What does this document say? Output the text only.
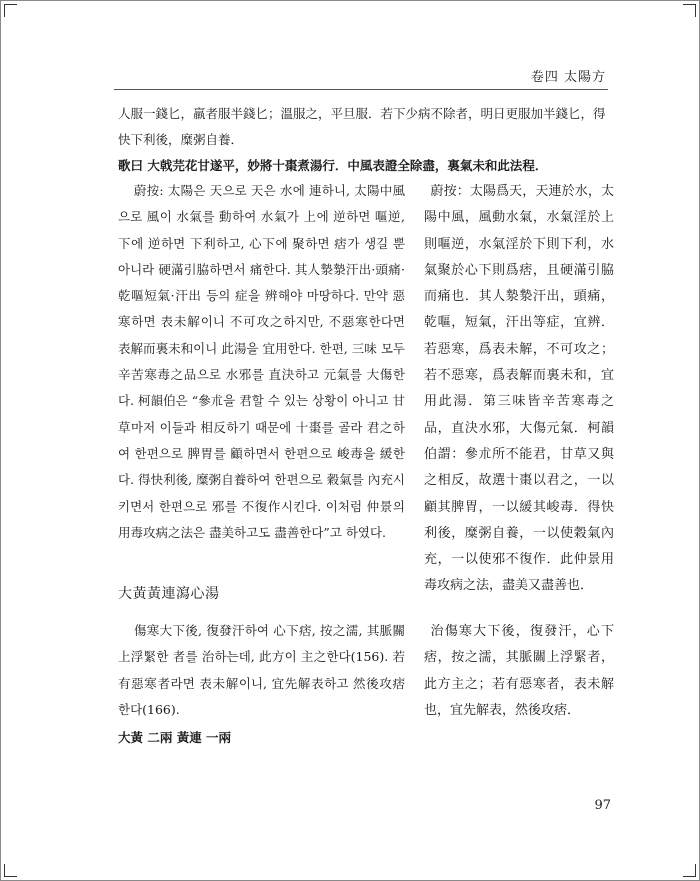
卷四 太陽方

人服一錢匕，羸者服半錢匕；溫服之，平旦服．若下少病不除者，明日更服加半錢匕，得快下利後，糜粥自養．

歌曰 大戟芫花甘遂平，妙將十棗煮湯行．中風表證全除盡，裏氣未和此法程．

蔚按: 太陽은 天으로 天은 水에 連하니, 太陽中風으로 風이 水氣를 動하여 水氣가 上에 逆하면 嘔逆, 下에 逆하면 下利하고, 心下에 聚하면 痞가 생길 뿐 아니라 硬滿引脇하면서 痛한다. 其人漐漐汗出·頭痛·乾嘔短氣·汗出 등의 症을 辨해야 마땅하다. 만약 惡寒하면 表未解이니 不可攻之하지만, 不惡寒한다면 表解而裏未和이니 此湯을 宜用한다. 한편, 三味 모두 辛苦寒毒之品으로 水邪를 直決하고 元氣를 大傷한다. 柯韻伯은 “參朮을 君할 수 있는 상황이 아니고 甘草마저 이들과 相反하기 때문에 十棗를 골라 君之하여 한편으로 脾胃를 顧하면서 한편으로 峻毒을 緩한다. 得快利後, 糜粥自養하여 한편으로 穀氣를 內充시키면서 한편으로 邪를 不復作시킨다. 이처럼 仲景의 用毒攻病之法은 盡美하고도 盡善한다”고 하였다.

蔚按：太陽爲天，天連於水，太陽中風，風動水氣，水氣淫於上則嘔逆，水氣淫於下則下利，水氣聚於心下則爲痞，且硬滿引脇而痛也．其人漐漐汗出，頭痛，乾嘔，短氣，汗出等症，宜辨．若惡寒，爲表未解，不可攻之；若不惡寒，爲表解而裏未和，宜用此湯．第三味皆辛苦寒毒之品，直決水邪，大傷元氣．柯韻伯謂：參朮所不能君，甘草又與之相反，故選十棗以君之，一以顧其脾胃，一以緩其峻毒．得快利後，糜粥自養，一以使穀氣內充，一以使邪不復作．此仲景用毒攻病之法，盡美又盡善也．

大黃黃連瀉心湯

傷寒大下後, 復發汗하여 心下痞, 按之濡, 其脈關上浮緊한 者를 治하는데, 此方이 主之한다(156). 若有惡寒者라면 表未解이니, 宜先解表하고 然後攻痞한다(166).

治傷寒大下後，復發汗，心下痞，按之濡，其脈關上浮緊者，此方主之；若有惡寒者，表未解也，宜先解表，然後攻痞．

大黃 二兩 黃連 一兩
97
